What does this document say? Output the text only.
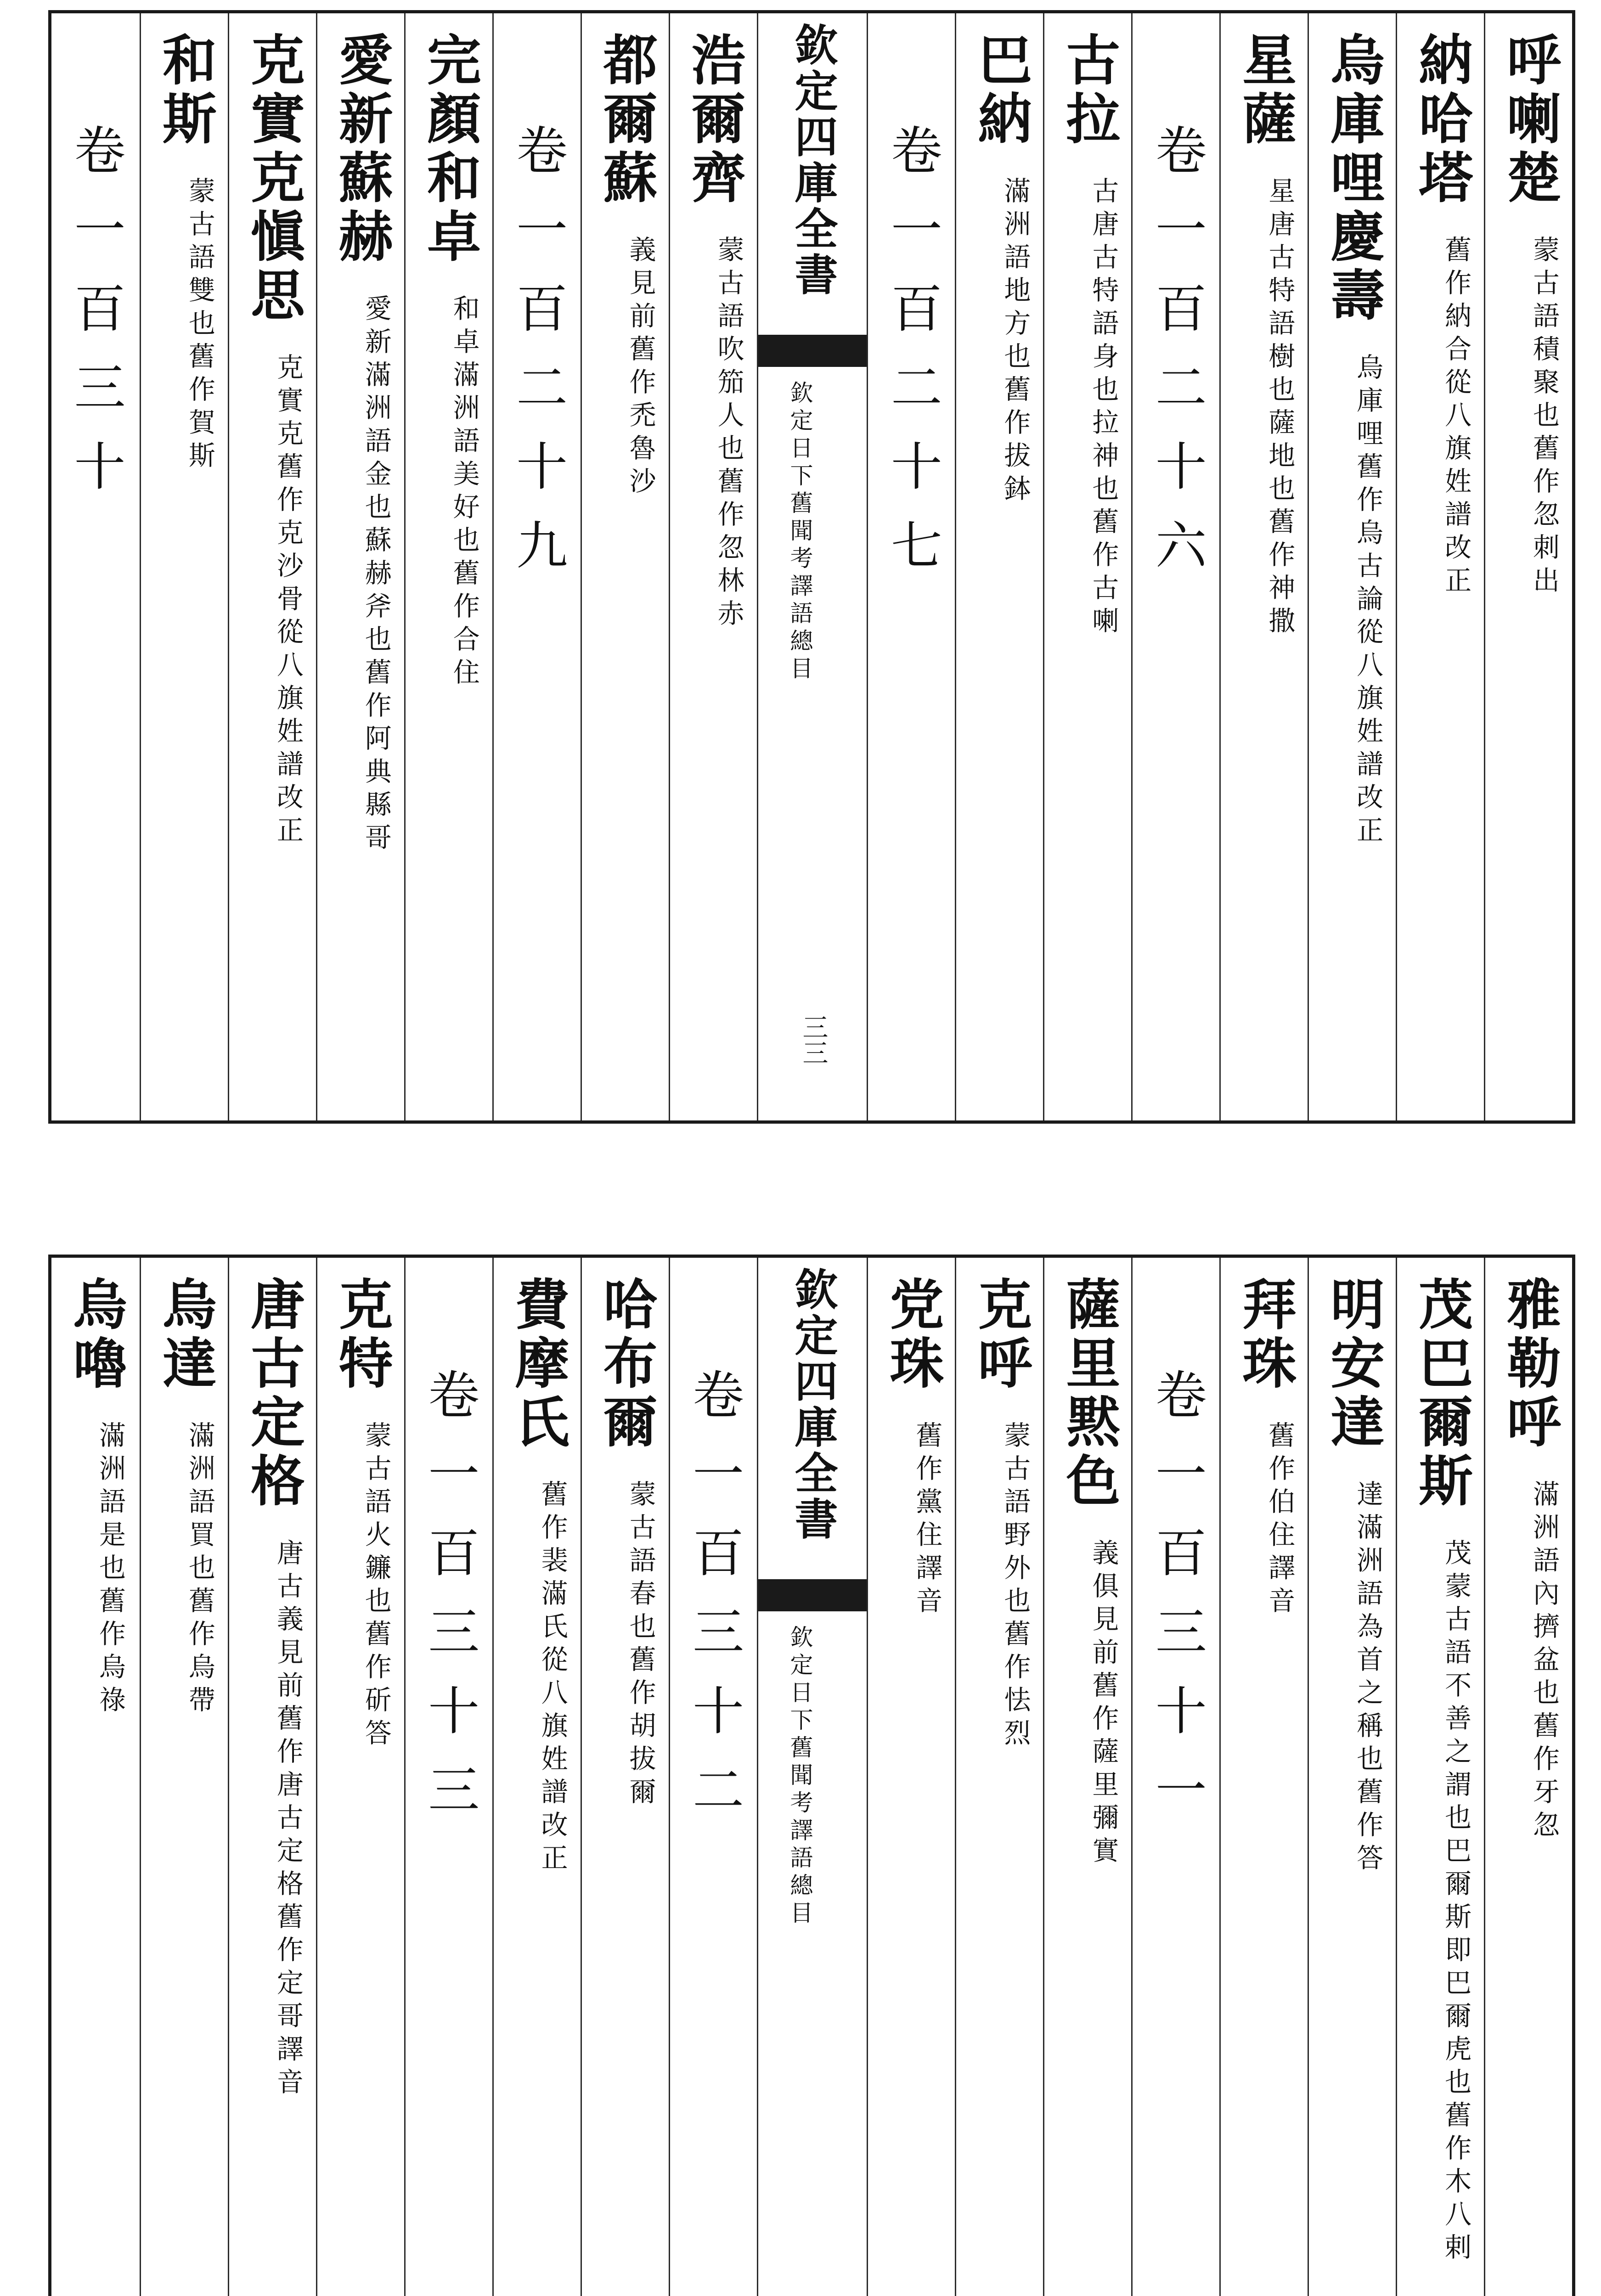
呼喇楚
蒙古語積聚也舊作忽刺出
納哈塔
舊作納合從八旗姓譜改正
烏庫哩慶壽
烏庫哩舊作烏古論從八旗姓譜改正
星薩
星唐古特語樹也薩地也舊作神撒
卷一百二十六
古拉
古唐古特語身也拉神也舊作古喇
巴納
滿洲語地方也舊作拔鉢
卷一百二十七
欽定四庫全書
欽定日下舊聞考譯語總目
三三
浩爾齊
蒙古語吹笳人也舊作忽林赤
都爾蘇
義見前舊作禿魯沙
卷一百二十九
完顏和卓
和卓滿洲語美好也舊作合住
愛新蘇赫
愛新滿洲語金也蘇赫斧也舊作阿典縣哥
克實克愼思
克實克舊作克沙骨從八旗姓譜改正
和斯
蒙古語雙也舊作賀斯
卷一百三十
雅勒呼
滿洲語內擠盆也舊作牙忽
茂巴爾斯
茂蒙古語不善之謂也巴爾斯即巴爾虎也舊作木八剌
明安達
達滿洲語為首之稱也舊作答
拜珠
舊作伯住譯音
卷一百三十一
薩里黙色
義俱見前舊作薩里彌實
克呼
蒙古語野外也舊作怯烈
党珠
舊作黨住譯音
欽定四庫全書
欽定日下舊聞考譯語總目
卷一百三十二
哈布爾
蒙古語春也舊作胡拔爾
費摩氏
舊作裴滿氏從八旗姓譜改正
卷一百三十三
克特
蒙古語火鐮也舊作斫答
唐古定格
唐古義見前舊作唐古定格舊作定哥譯音
烏達
滿洲語買也舊作烏帶
烏嚕
滿洲語是也舊作烏祿
